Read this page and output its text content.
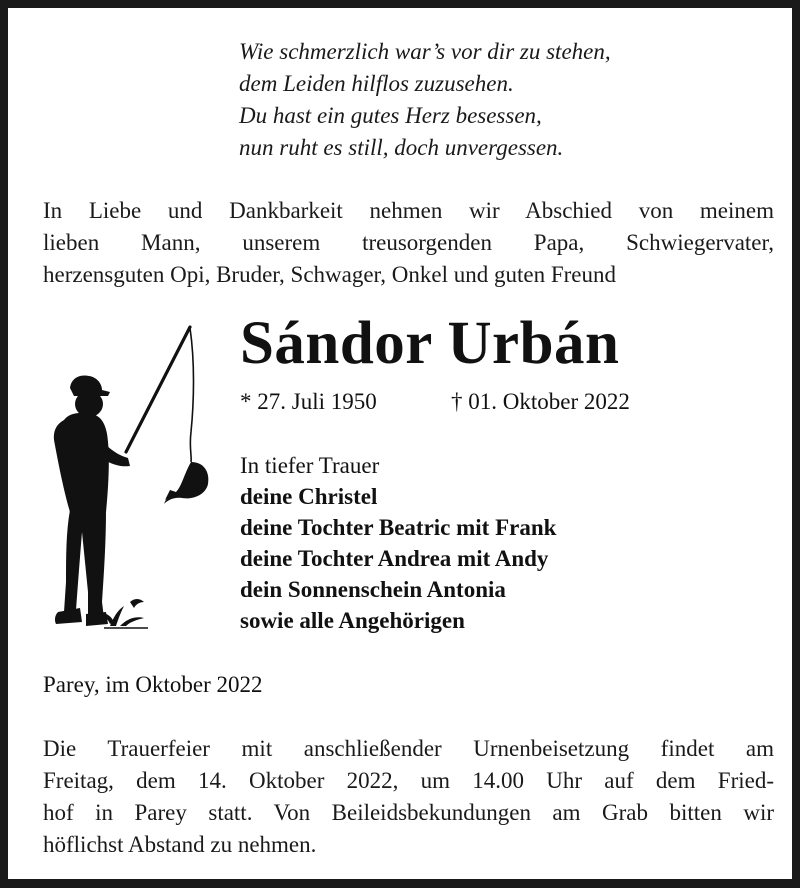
Wie schmerzlich war’s vor dir zu stehen,
dem Leiden hilflos zuzusehen.
Du hast ein gutes Herz besessen,
nun ruht es still, doch unvergessen.
In Liebe und Dankbarkeit nehmen wir Abschied von meinem
lieben Mann, unserem treusorgenden Papa, Schwiegervater,
herzensguten Opi, Bruder, Schwager, Onkel und guten Freund
Sándor Urbán
* 27. Juli 1950	† 01. Oktober 2022
In tiefer Trauer
deine Christel
deine Tochter Beatric mit Frank
deine Tochter Andrea mit Andy
dein Sonnenschein Antonia
sowie alle Angehörigen
Parey, im Oktober 2022
Die Trauerfeier mit anschließender Urnenbeisetzung findet am
Freitag, dem 14. Oktober 2022, um 14.00 Uhr auf dem Fried-
hof in Parey statt. Von Beileidsbekundungen am Grab bitten wir
höflichst Abstand zu nehmen.
